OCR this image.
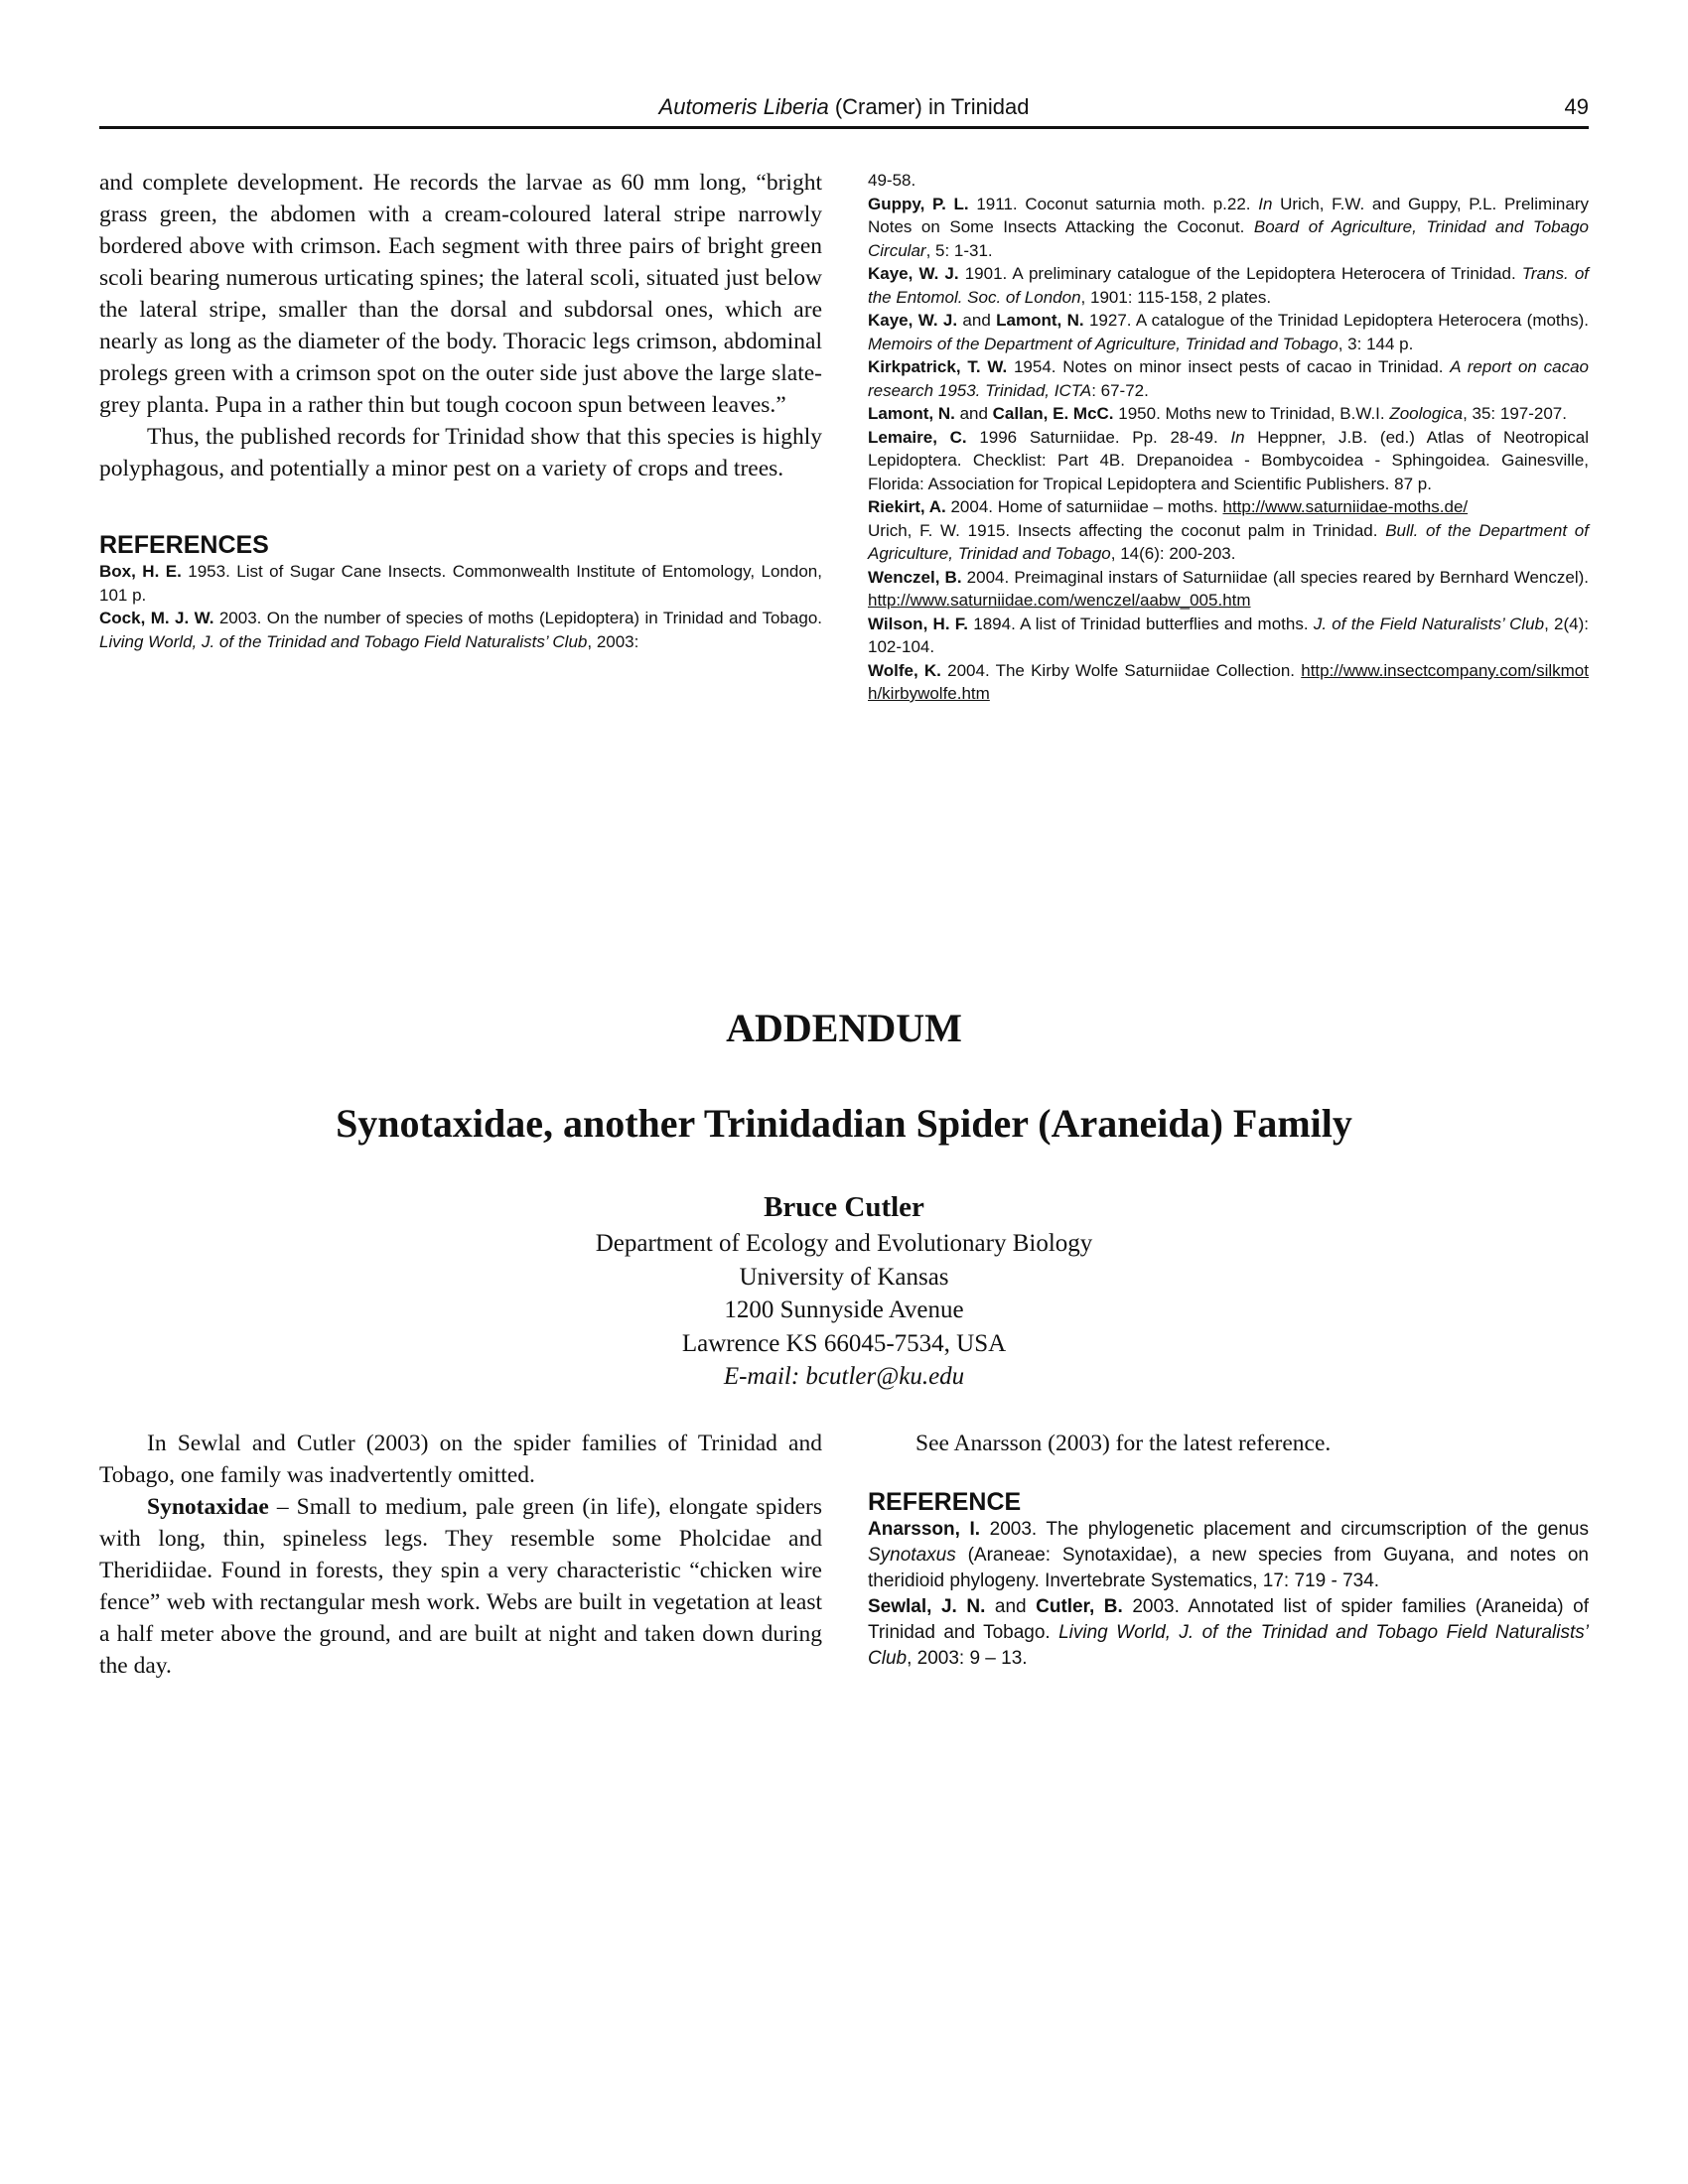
Automeris Liberia (Cramer) in Trinidad	49

and complete development. He records the larvae as 60 mm long, “bright grass green, the abdomen with a cream-coloured lateral stripe narrowly bordered above with crimson. Each segment with three pairs of bright green scoli bearing numerous urticating spines; the lateral scoli, situated just below the lateral stripe, smaller than the dorsal and subdorsal ones, which are nearly as long as the diameter of the body. Thoracic legs crimson, abdominal prolegs green with a crimson spot on the outer side just above the large slate-grey planta. Pupa in a rather thin but tough cocoon spun between leaves.”

Thus, the published records for Trinidad show that this species is highly polyphagous, and potentially a minor pest on a variety of crops and trees.

REFERENCES

Box, H. E. 1953. List of Sugar Cane Insects. Commonwealth Institute of Entomology, London, 101 p.

Cock, M. J. W. 2003. On the number of species of moths (Lepidoptera) in Trinidad and Tobago. Living World, J. of the Trinidad and Tobago Field Naturalists’ Club, 2003:

49-58.

Guppy, P. L. 1911. Coconut saturnia moth. p.22. In Urich, F.W. and Guppy, P.L. Preliminary Notes on Some Insects Attacking the Coconut. Board of Agriculture, Trinidad and Tobago Circular, 5: 1-31.

Kaye, W. J. 1901. A preliminary catalogue of the Lepidoptera Heterocera of Trinidad. Trans. of the Entomol. Soc. of London, 1901: 115-158, 2 plates.

Kaye, W. J. and Lamont, N. 1927. A catalogue of the Trinidad Lepidoptera Heterocera (moths). Memoirs of the Department of Agriculture, Trinidad and Tobago, 3: 144 p.

Kirkpatrick, T. W. 1954. Notes on minor insect pests of cacao in Trinidad. A report on cacao research 1953. Trinidad, ICTA: 67-72.

Lamont, N. and Callan, E. McC. 1950. Moths new to Trinidad, B.W.I. Zoologica, 35: 197-207.

Lemaire, C. 1996 Saturniidae. Pp. 28-49. In Heppner, J.B. (ed.) Atlas of Neotropical Lepidoptera. Checklist: Part 4B. Drepanoidea - Bombycoidea - Sphingoidea. Gainesville, Florida: Association for Tropical Lepidoptera and Scientific Publishers. 87 p.

Riekirt, A. 2004. Home of saturniidae – moths. http://www.saturniidae-moths.de/

Urich, F. W. 1915. Insects affecting the coconut palm in Trinidad. Bull. of the Department of Agriculture, Trinidad and Tobago, 14(6): 200-203.

Wenczel, B. 2004. Preimaginal instars of Saturniidae (all species reared by Bernhard Wenczel). http://www.saturniidae.com/wenczel/aabw_005.htm

Wilson, H. F. 1894. A list of Trinidad butterflies and moths. J. of the Field Naturalists’ Club, 2(4): 102-104.

Wolfe, K. 2004. The Kirby Wolfe Saturniidae Collection. http://www.insectcompany.com/silkmoth/kirbywolfe.htm

ADDENDUM
Synotaxidae, another Trinidadian Spider (Araneida) Family
Bruce Cutler
Department of Ecology and Evolutionary Biology
University of Kansas
1200 Sunnyside Avenue
Lawrence KS 66045-7534, USA
E-mail: bcutler@ku.edu

In Sewlal and Cutler (2003) on the spider families of Trinidad and Tobago, one family was inadvertently omitted.

Synotaxidae – Small to medium, pale green (in life), elongate spiders with long, thin, spineless legs. They resemble some Pholcidae and Theridiidae. Found in forests, they spin a very characteristic “chicken wire fence” web with rectangular mesh work. Webs are built in vegetation at least a half meter above the ground, and are built at night and taken down during the day.

See Anarsson (2003) for the latest reference.

REFERENCE

Anarsson, I. 2003. The phylogenetic placement and circumscription of the genus Synotaxus (Araneae: Synotaxidae), a new species from Guyana, and notes on theridioid phylogeny. Invertebrate Systematics, 17: 719 - 734.

Sewlal, J. N. and Cutler, B. 2003. Annotated list of spider families (Araneida) of Trinidad and Tobago. Living World, J. of the Trinidad and Tobago Field Naturalists’ Club, 2003: 9 – 13.
